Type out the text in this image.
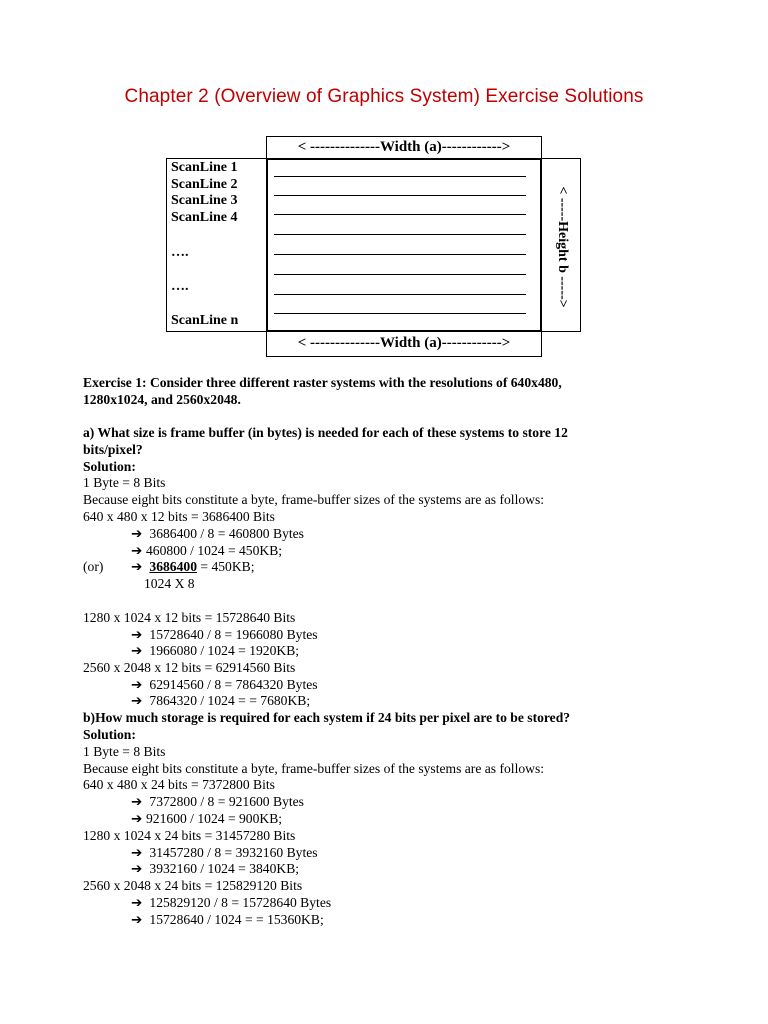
Chapter 2 (Overview of Graphics System) Exercise Solutions
< --------------Width (a)------------>
ScanLine 1
ScanLine 2
ScanLine 3
ScanLine 4
….
….
ScanLine n
< -----Height b ----->
< --------------Width (a)------------>
Exercise 1: Consider three different raster systems with the resolutions of 640x480,
1280x1024, and 2560x2048.
a) What size is frame buffer (in bytes) is needed for each of these systems to store 12
bits/pixel?
Solution:
1 Byte = 8 Bits
Because eight bits constitute a byte, frame-buffer sizes of the systems are as follows:
640 x 480 x 12 bits = 3686400 Bits
➔ 3686400 / 8 = 460800 Bytes
➔ 460800 / 1024 = 450KB;
(or) ➔ 3686400 = 450KB;
1024 X 8
1280 x 1024 x 12 bits = 15728640 Bits
➔ 15728640 / 8 = 1966080 Bytes
➔ 1966080 / 1024 = 1920KB;
2560 x 2048 x 12 bits = 62914560 Bits
➔ 62914560 / 8 = 7864320 Bytes
➔ 7864320 / 1024 = = 7680KB;
b)How much storage is required for each system if 24 bits per pixel are to be stored?
Solution:
1 Byte = 8 Bits
Because eight bits constitute a byte, frame-buffer sizes of the systems are as follows:
640 x 480 x 24 bits = 7372800 Bits
➔ 7372800 / 8 = 921600 Bytes
➔ 921600 / 1024 = 900KB;
1280 x 1024 x 24 bits = 31457280 Bits
➔ 31457280 / 8 = 3932160 Bytes
➔ 3932160 / 1024 = 3840KB;
2560 x 2048 x 24 bits = 125829120 Bits
➔ 125829120 / 8 = 15728640 Bytes
➔ 15728640 / 1024 = = 15360KB;
